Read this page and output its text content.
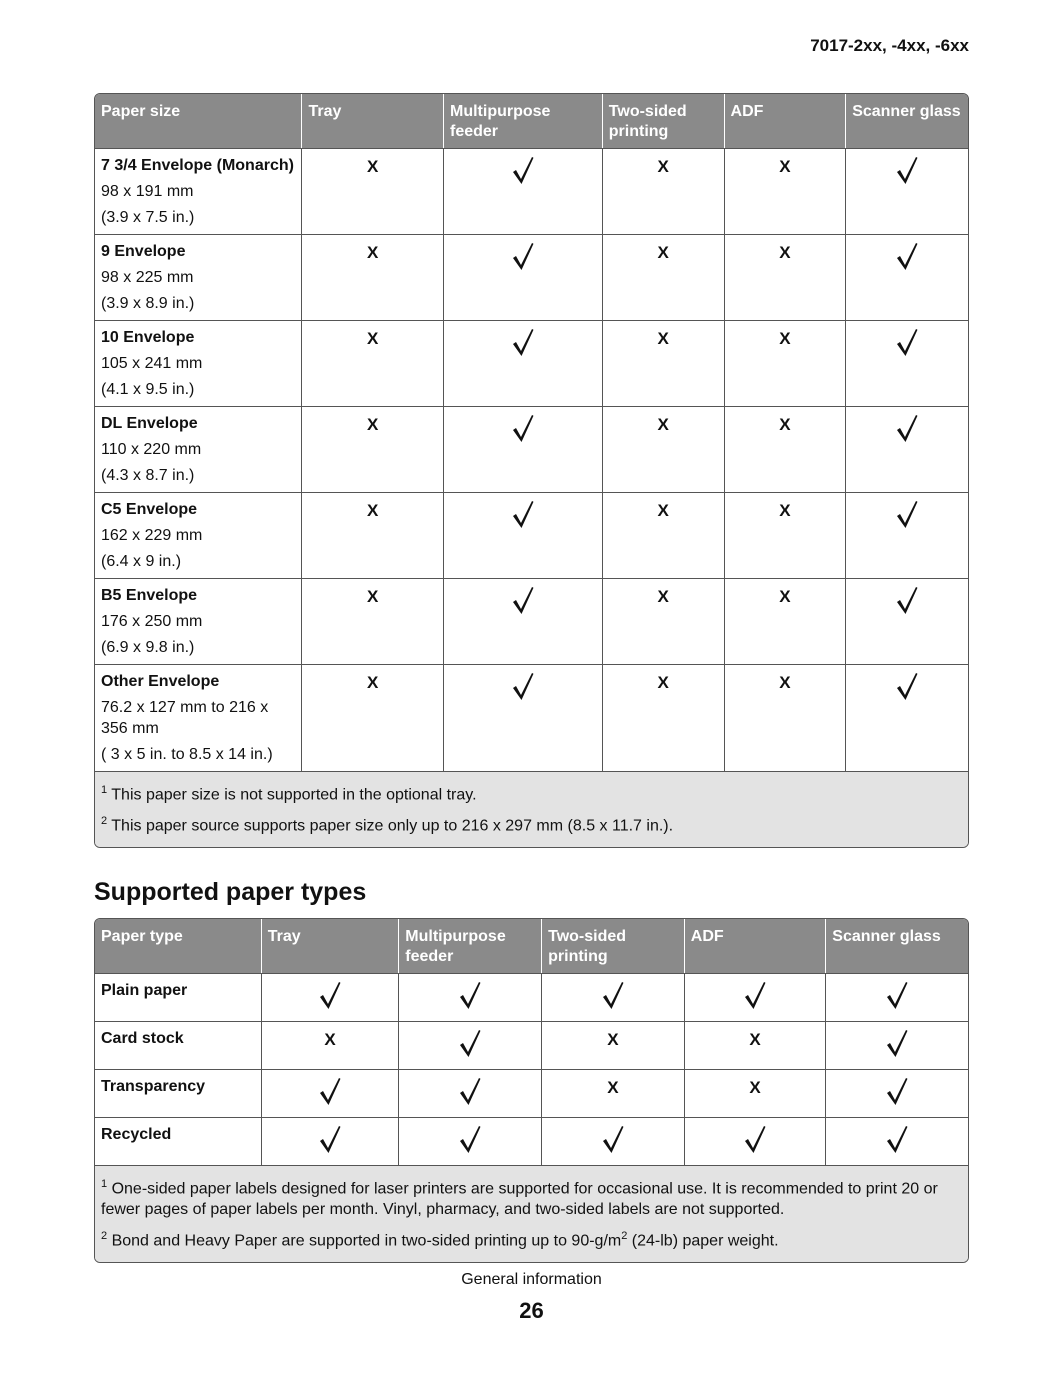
7017-2xx, -4xx, -6xx
Paper size	Tray	Multipurpose feeder	Two-sided printing	ADF	Scanner glass

7 3/4 Envelope (Monarch)
98 x 191 mm
(3.9 x 7.5 in.)	X		X	X	

9 Envelope
98 x 225 mm
(3.9 x 8.9 in.)	X		X	X	

10 Envelope
105 x 241 mm
(4.1 x 9.5 in.)	X		X	X	

DL Envelope
110 x 220 mm
(4.3 x 8.7 in.)	X		X	X	

C5 Envelope
162 x 229 mm
(6.4 x 9 in.)	X		X	X	

B5 Envelope
176 x 250 mm
(6.9 x 9.8 in.)	X		X	X	

Other Envelope
76.2 x 127 mm to 216 x 356 mm
( 3 x 5 in. to 8.5 x 14 in.)	X		X	X	

$^1$ This paper size is not supported in the optional tray.

$^2$ This paper source supports paper size only up to 216 x 297 mm (8.5 x 11.7 in.).					

Supported paper types
Paper type	Tray	Multipurpose feeder	Two-sided printing	ADF	Scanner glass

Plain paper

Card stock	X		X	X	

Transparency			X	X	

Recycled

$^1$ One-sided paper labels designed for laser printers are supported for occasional use. It is recommended to print 20 or fewer pages of paper labels per month. Vinyl, pharmacy, and two-sided labels are not supported.

$^2$ Bond and Heavy Paper are supported in two-sided printing up to $90-g/m^2$ (24-lb) paper weight.					

General information
26
